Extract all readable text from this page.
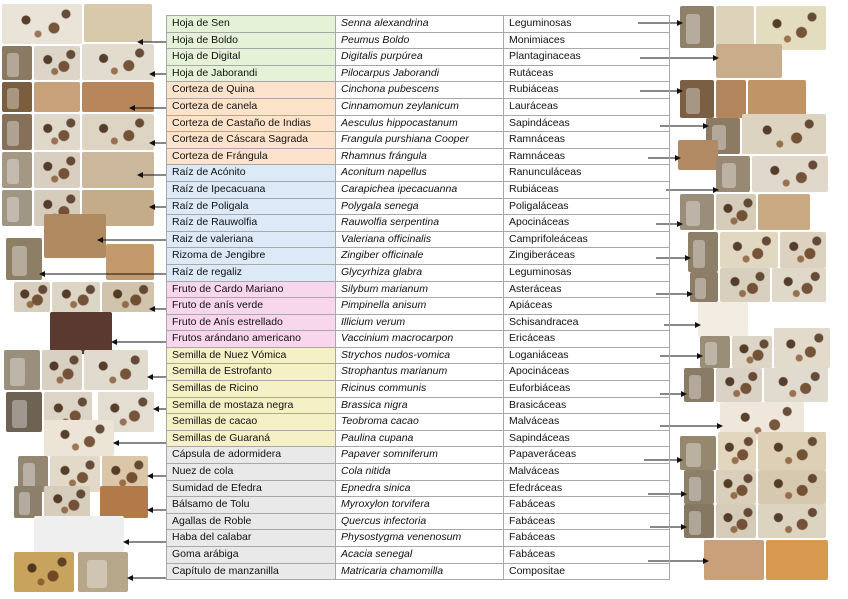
Hoja de Sen	Senna alexandrina	Leguminosas
Hoja de Boldo	Peumus Boldo	Monimiaces
Hoja de Digital	Digitalis purpúrea	Plantaginaceas
Hoja de Jaborandi	Pilocarpus Jaborandi	Rutáceas
Corteza de Quina	Cinchona pubescens	Rubiáceas
Corteza de canela	Cinnamomun zeylanicum	Lauráceas
Corteza de Castaño de Indias	Aesculus hippocastanum	Sapindáceas
Corteza de Cáscara Sagrada	Frangula purshiana Cooper	Ramnáceas
Corteza de Frángula	Rhamnus frángula	Ramnáceas
Raíz de Acónito	Aconitum napellus	Ranunculáceas
Raíz de Ipecacuana	Carapichea ipecacuanna	Rubiáceas
Raíz de Poligala	Polygala senega	Poligaláceas
Raíz de Rauwolfia	Rauwolfia serpentina	Apocináceas
Raiz de valeriana	Valeriana officinalis	Camprifoleáceas
Rizoma de Jengibre	Zingiber officinale	Zingiberáceas
Raíz de regaliz	Glycyrhiza glabra	Leguminosas
Fruto de Cardo Mariano	Silybum marianum	Asteráceas
Fruto de anís verde	Pimpinella anisum	Apiáceas
Fruto de Anís estrellado	Illicium verum	Schisandracea
Frutos arándano americano	Vaccinium macrocarpon	Ericáceas
Semilla de Nuez Vómica	Strychos nudos-vomica	Loganiáceas
Semilla de Estrofanto	Strophantus marianum	Apocináceas
Semillas de Ricino	Ricinus communis	Euforbiáceas
Semilla de mostaza negra	Brassica nigra	Brasicáceas
Semillas de cacao	Teobroma cacao	Malváceas
Semillas de Guaraná	Paulina cupana	Sapindáceas
Cápsula de adormidera	Papaver somniferum	Papaveráceas
Nuez de cola	Cola nitida	Malváceas
Sumidad de Efedra	Epnedra sinica	Efedráceas
Bálsamo de Tolu	Myroxylon torvifera	Fabáceas
Agallas de Roble	Quercus infectoria	Fabáceas
Haba del calabar	Physostygma venenosum	Fabáceas
Goma arábiga	Acacia senegal	Fabáceas
Capítulo de manzanilla	Matricaria chamomilla	Compositae
